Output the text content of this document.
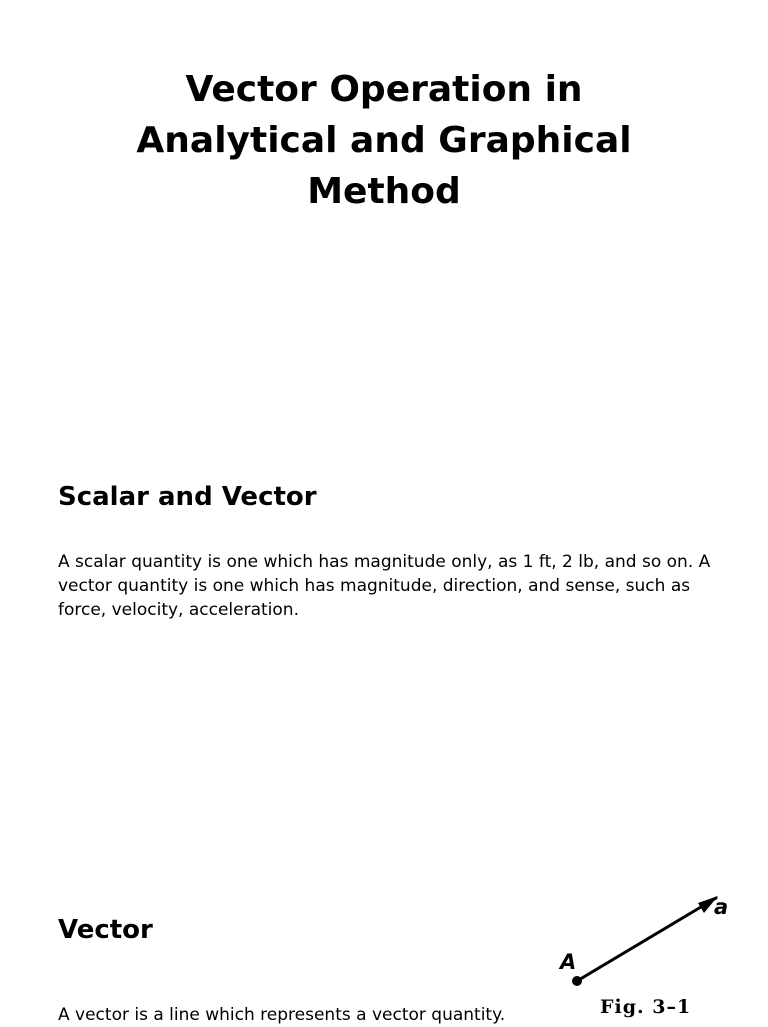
Vector Operation in
Analytical and Graphical
Method
Scalar and Vector

A scalar quantity is one which has magnitude only, as 1 ft, 2 lb, and so on. A vector quantity is one which has magnitude, direction, and sense, such as force, velocity, acceleration.

Vector

A vector is a line which represents a vector quantity.

A
a
Fig. 3–1
